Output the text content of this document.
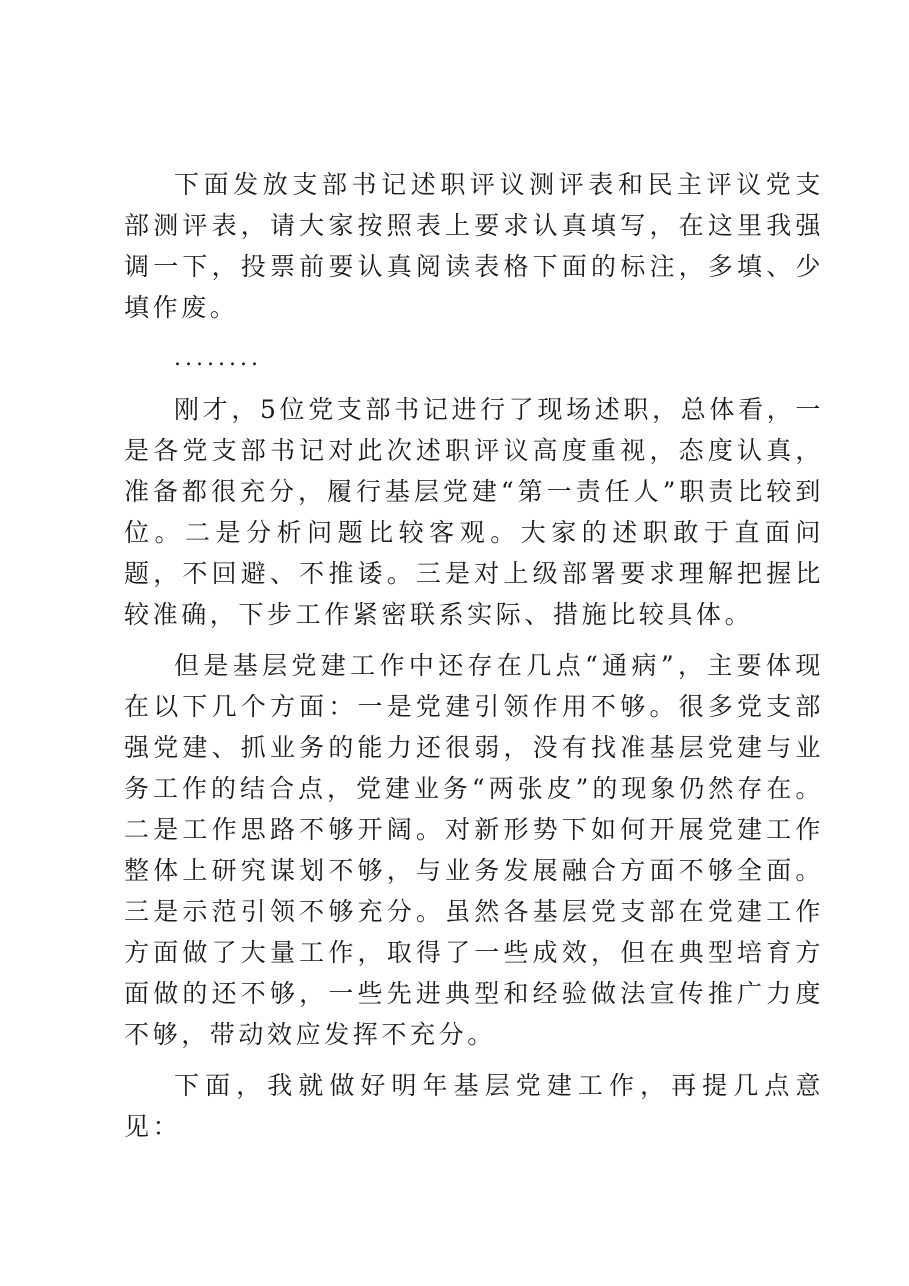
下面发放支部书记述职评议测评表和民主评议党支部测评表，请大家按照表上要求认真填写，在这里我强调一下，投票前要认真阅读表格下面的标注，多填、少填作废。

........

刚才，5位党支部书记进行了现场述职，总体看，一是各党支部书记对此次述职评议高度重视，态度认真，准备都很充分，履行基层党建“第一责任人”职责比较到位。二是分析问题比较客观。大家的述职敢于直面问题，不回避、不推诿。三是对上级部署要求理解把握比较准确，下步工作紧密联系实际、措施比较具体。

但是基层党建工作中还存在几点“通病”，主要体现在以下几个方面：一是党建引领作用不够。很多党支部强党建、抓业务的能力还很弱，没有找准基层党建与业务工作的结合点，党建业务“两张皮”的现象仍然存在。二是工作思路不够开阔。对新形势下如何开展党建工作整体上研究谋划不够，与业务发展融合方面不够全面。三是示范引领不够充分。虽然各基层党支部在党建工作方面做了大量工作，取得了一些成效，但在典型培育方面做的还不够，一些先进典型和经验做法宣传推广力度不够，带动效应发挥不充分。

下面，我就做好明年基层党建工作，再提几点意见：
